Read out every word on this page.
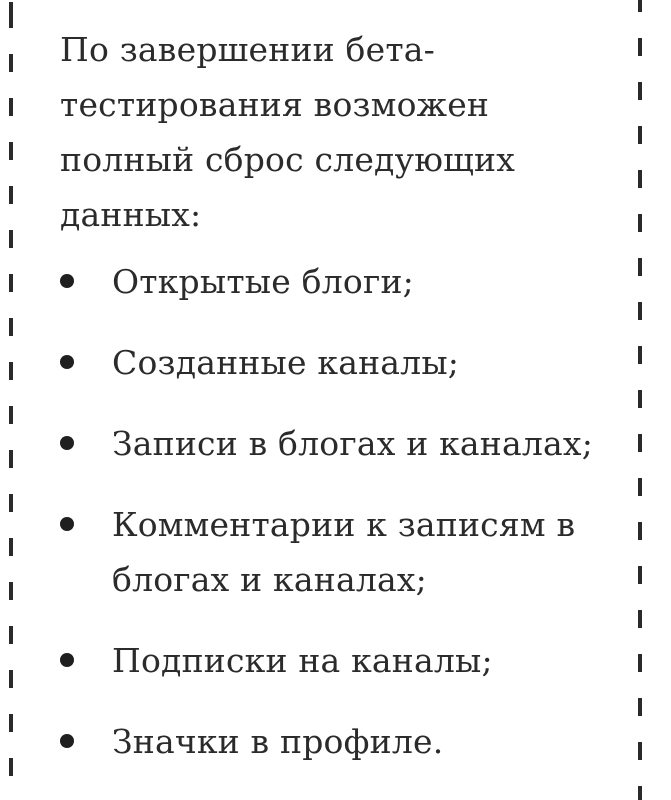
По завершении бета-тестирования возможен полный сброс следующих данных:

Открытые блоги;
Созданные каналы;
Записи в блогах и каналах;
Комментарии к записям в блогах и каналах;
Подписки на каналы;
Значки в профиле.
